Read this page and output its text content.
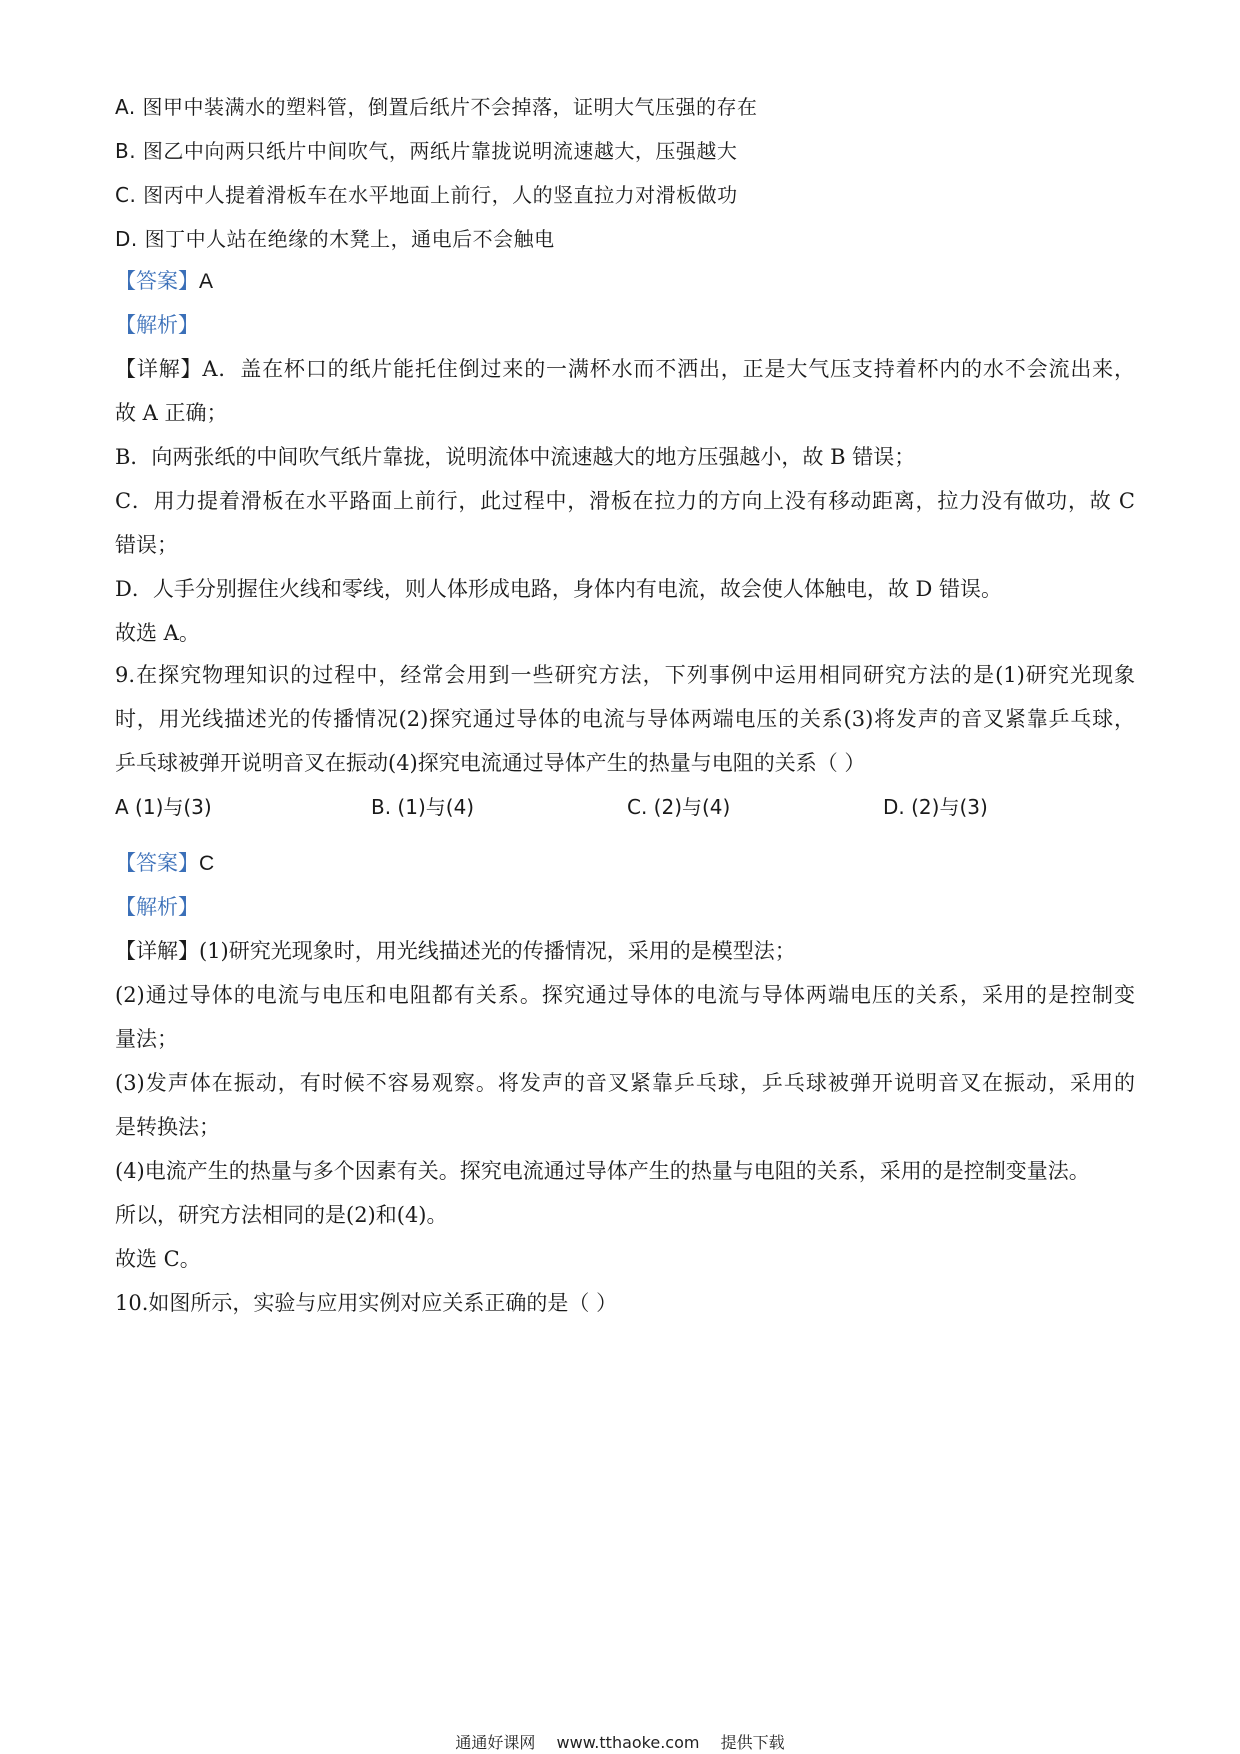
A. 图甲中装满水的塑料管，倒置后纸片不会掉落，证明大气压强的存在
B. 图乙中向两只纸片中间吹气，两纸片靠拢说明流速越大，压强越大
C. 图丙中人提着滑板车在水平地面上前行，人的竖直拉力对滑板做功
D. 图丁中人站在绝缘的木凳上，通电后不会触电
【答案】A
【解析】
【详解】A．盖在杯口的纸片能托住倒过来的一满杯水而不洒出，正是大气压支持着杯内的水不会流出来，
故 A 正确；
B．向两张纸的中间吹气纸片靠拢，说明流体中流速越大的地方压强越小，故 B 错误；
C．用力提着滑板在水平路面上前行，此过程中，滑板在拉力的方向上没有移动距离，拉力没有做功，故 C
错误；
D．人手分别握住火线和零线，则人体形成电路，身体内有电流，故会使人体触电，故 D 错误。
故选 A。
9.在探究物理知识的过程中，经常会用到一些研究方法，下列事例中运用相同研究方法的是(1)研究光现象
时，用光线描述光的传播情况(2)探究通过导体的电流与导体两端电压的关系(3)将发声的音叉紧靠乒乓球，
乒乓球被弹开说明音叉在振动(4)探究电流通过导体产生的热量与电阻的关系（ ）
A (1)与(3)	B. (1)与(4)	C. (2)与(4)	D. (2)与(3)
【答案】C
【解析】
【详解】(1)研究光现象时，用光线描述光的传播情况，采用的是模型法；
(2)通过导体的电流与电压和电阻都有关系。探究通过导体的电流与导体两端电压的关系，采用的是控制变
量法；
(3)发声体在振动，有时候不容易观察。将发声的音叉紧靠乒乓球，乒乓球被弹开说明音叉在振动，采用的
是转换法；
(4)电流产生的热量与多个因素有关。探究电流通过导体产生的热量与电阻的关系，采用的是控制变量法。
所以，研究方法相同的是(2)和(4)。
故选 C。
10.如图所示，实验与应用实例对应关系正确的是（ ）
通通好课网 www.tthaoke.com 提供下载
